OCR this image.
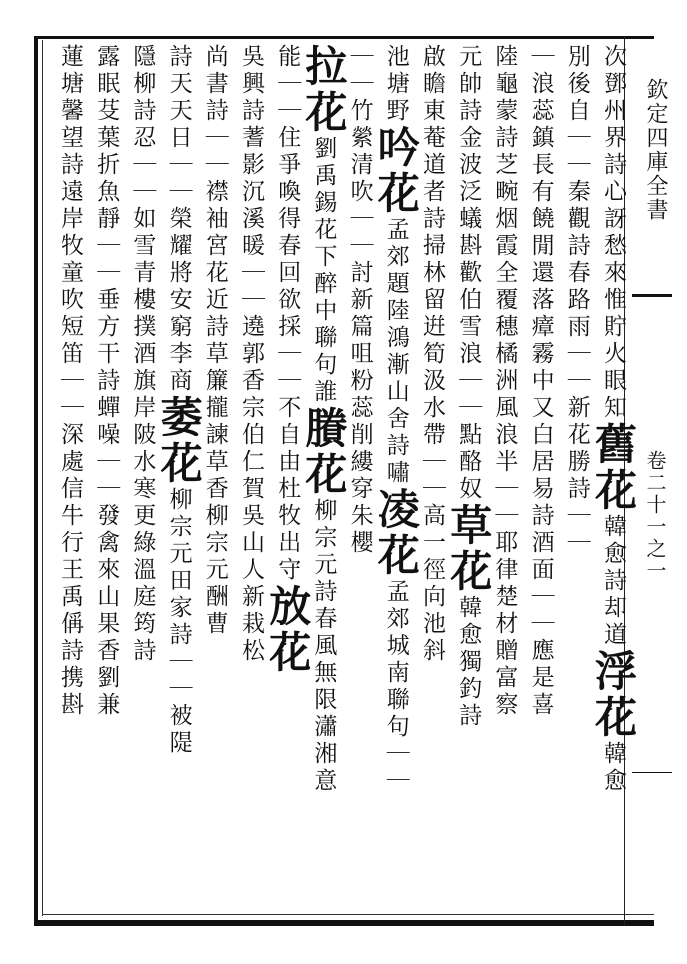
欽定四庫全書
卷二十一之一
次鄧州界詩心訝愁來惟貯火眼知舊花韓愈詩却道浮花韓愈
別後自｜｜秦觀詩春路雨｜｜新花勝詩｜｜
｜浪蕊鎮長有饒閒還落瘴霧中又白居易詩酒面｜｜應是喜
陸龜蒙詩芝畹烟霞全覆穗橘洲風浪半｜｜耶律楚材贈富察
元帥詩金波泛蟻斟歡伯雪浪｜｜點酪奴草花韓愈獨釣詩
啟瞻東菴道者詩掃林留逬筍汲水帶｜｜高一徑向池斜
池塘野吟花孟郊題陸鴻漸山舍詩嘯凌花孟郊城南聯句｜｜
｜｜竹縈清吹｜｜討新篇咀粉蕊削縷穿朱櫻
拉花劉禹錫花下醉中聯句誰賸花柳宗元詩春風無限瀟湘意
能｜｜住爭喚得春回欲採｜｜不自由杜牧出守放花
吳興詩蓍影沉溪暖｜｜遶郭香宗伯仁賀吳山人新栽松
尚書詩｜｜襟袖宮花近詩草簾攏諫草香柳宗元酬曹
詩天天日｜｜榮耀將安窮李商萎花柳宗元田家詩｜｜被隄
隱柳詩忍｜｜如雪青樓撲酒旗岸陂水寒更綠溫庭筠詩
露眠芟葉折魚靜｜｜垂方干詩蟬噪｜｜發禽來山果香劉兼
蓮塘馨望詩遠岸牧童吹短笛｜｜深處信牛行王禹偁詩携斟
